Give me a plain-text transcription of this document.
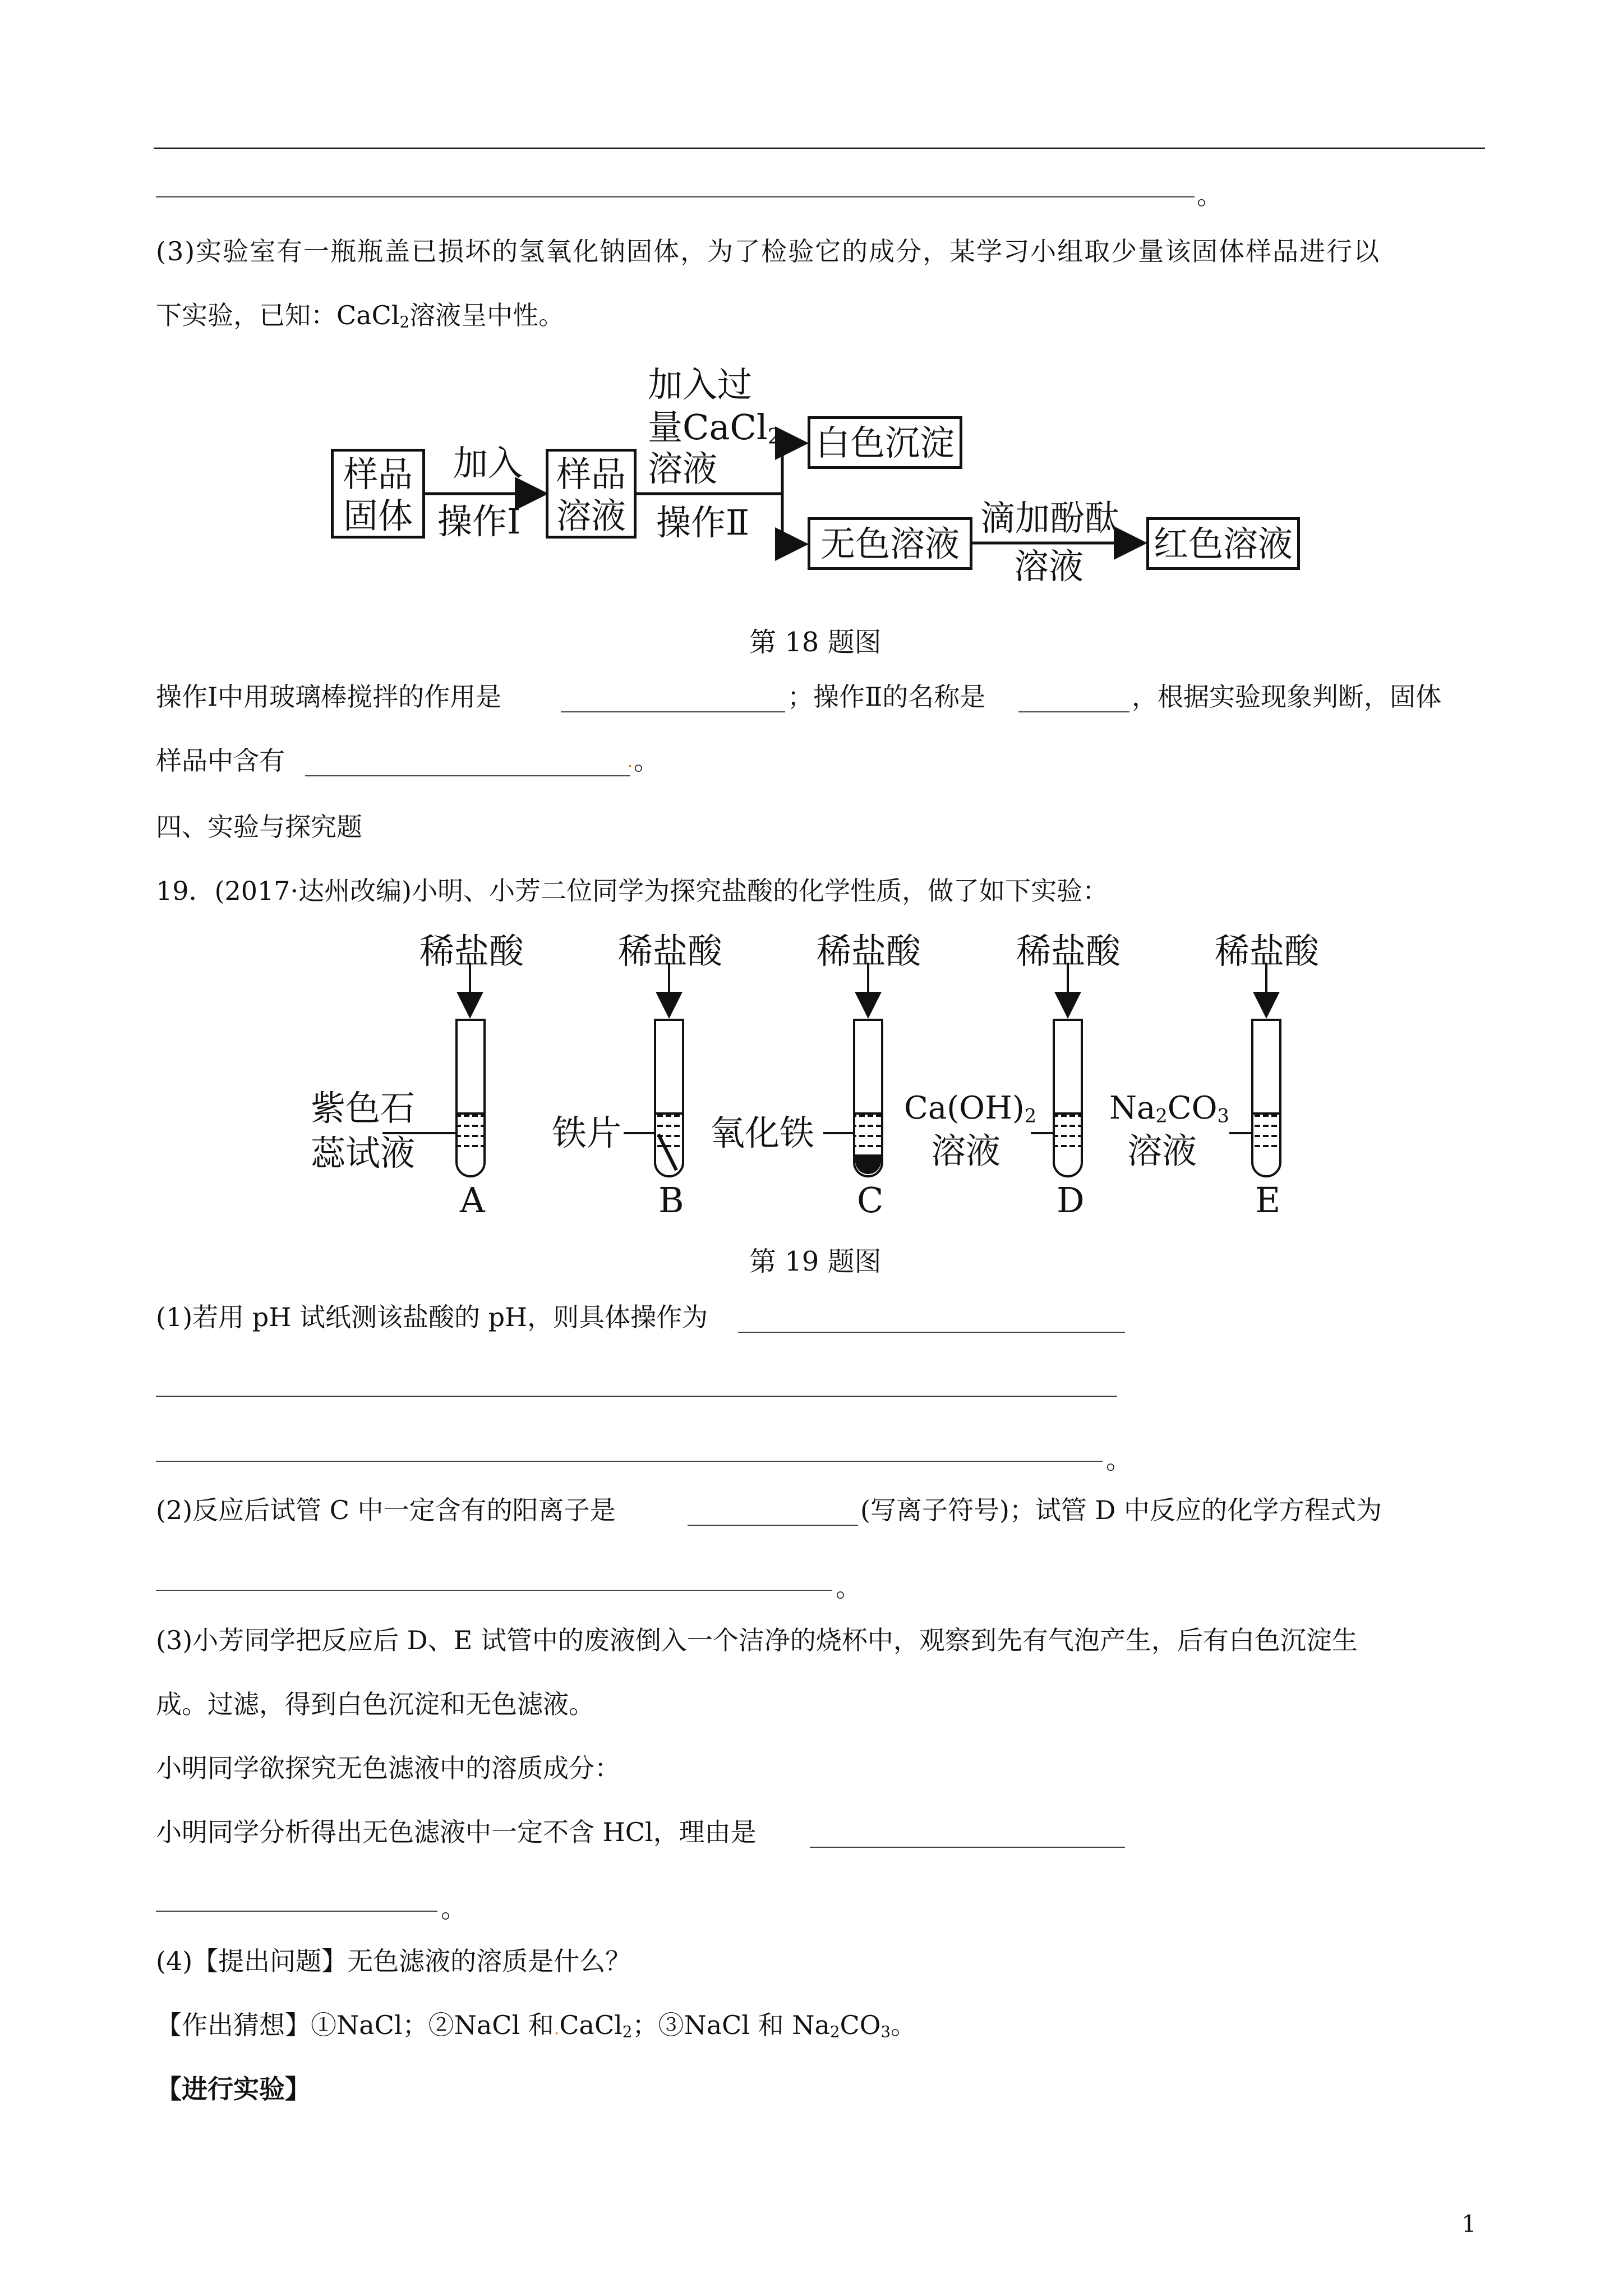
。
(3)实验室有一瓶瓶盖已损坏的氢氧化钠固体，为了检验它的成分，某学习小组取少量该固体样品进行以
下实验，已知：CaCl$_2$溶液呈中性。
样品
固体
加入
操作Ⅰ
样品
溶液
加入过
量CaCl$_2$
溶液
操作Ⅱ
白色沉淀
无色溶液
滴加酚酞
溶液
红色溶液
第 18 题图
操作Ⅰ中用玻璃棒搅拌的作用是	；操作Ⅱ的名称是	，根据实验现象判断，固体
样品中含有	. 。
四、实验与探究题
19．(2017·达州改编)小明、小芳二位同学为探究盐酸的化学性质，做了如下实验：
稀盐酸	稀盐酸	稀盐酸	稀盐酸	稀盐酸
紫色石
蕊试液	铁片	氧化铁
$Ca(OH)_2$
溶液
$Na_2CO_3$
溶液
A	B	C	D	E
第 19 题图
(1)若用 pH 试纸测该盐酸的 pH，则具体操作为
。
(2)反应后试管 C 中一定含有的阳离子是	(写离子符号)；试管 D 中反应的化学方程式为
。
(3)小芳同学把反应后 D、E 试管中的废液倒入一个洁净的烧杯中，观察到先有气泡产生，后有白色沉淀生
成。过滤，得到白色沉淀和无色滤液。
小明同学欲探究无色滤液中的溶质成分：
小明同学分析得出无色滤液中一定不含 HCl，理由是
。
(4)【提出问题】无色滤液的溶质是什么？
【作出猜想】①NaCl；②NaCl 和.CaCl$_2$；③NaCl 和 $Na_2CO_3$。
【进行实验】
1
